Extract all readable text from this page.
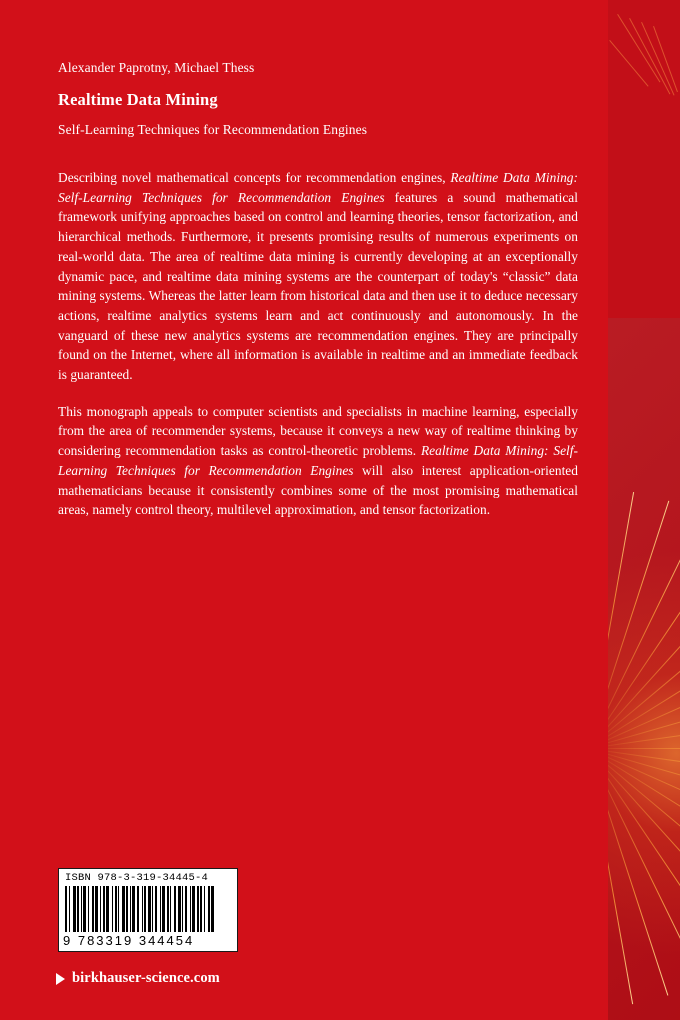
Alexander Paprotny, Michael Thess

Realtime Data Mining

Self-Learning Techniques for Recommendation Engines

Describing novel mathematical concepts for recommendation engines, Realtime Data Mining: Self-Learning Techniques for Recommendation Engines features a sound mathematical framework unifying approaches based on control and learning theories, tensor factorization, and hierarchical methods. Furthermore, it presents promising results of numerous experiments on real-world data. The area of realtime data mining is currently developing at an exceptionally dynamic pace, and realtime data mining systems are the counterpart of today's “classic” data mining systems. Whereas the latter learn from historical data and then use it to deduce necessary actions, realtime analytics systems learn and act continuously and autonomously. In the vanguard of these new analytics systems are recommendation engines. They are principally found on the Internet, where all information is available in realtime and an immediate feedback is guaranteed.

This monograph appeals to computer scientists and specialists in machine learning, especially from the area of recommender systems, because it conveys a new way of realtime thinking by considering recommendation tasks as control-theoretic problems. Realtime Data Mining: Self-Learning Techniques for Recommendation Engines will also interest application-oriented mathematicians because it consistently combines some of the most promising mathematical areas, namely control theory, multilevel approximation, and tensor factorization.

ISBN 978-3-319-34445-4
9 783319 344454
birkhauser-science.com
